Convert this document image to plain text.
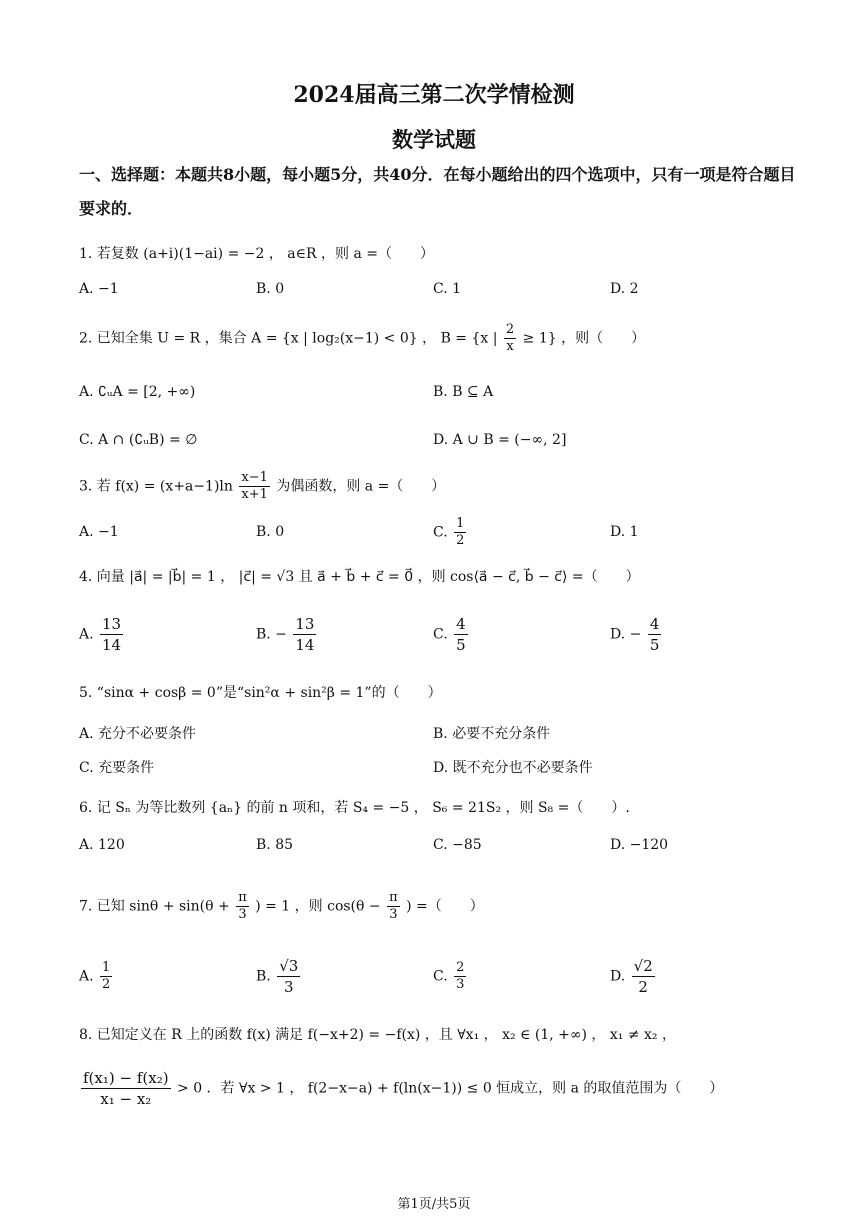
2024届高三第二次学情检测
数学试题
一、选择题：本题共8小题，每小题5分，共40分．在每小题给出的四个选项中，只有一项是符合题目要求的．
1. 若复数 (a+i)(1−ai) = −2 ， a∈R ，则 a =（　　）
A. −1	B. 0	C. 1	D. 2
2. 已知全集 U = R ，集合 A = {x | log₂(x−1) < 0} ， B = {x | $\frac{2}{x} \ge 1$} ，则（　　）
A. ∁ᵤA = [2, +∞)	B. B ⊆ A
C. A ∩ (∁ᵤB) = ∅	D. A ∪ B = (−∞, 2]
3. 若 $f(x) = (x+a-1)\ln \frac{x-1}{x+1}$ 为偶函数，则 a =（　　）
A. −1	B. 0	C. $\frac{1}{2}$	D. 1
4. 向量 |a⃗| = |b⃗| = 1 ， |c⃗| = √3 且 a⃗ + b⃗ + c⃗ = 0⃗ ，则 cos⟨a⃗ − c⃗, b⃗ − c⃗⟩ =（　　）
A. $\frac{13}{14}$	B. − $\frac{13}{14}$	C. $\frac{4}{5}$	D. − $\frac{4}{5}$
5. “sinα + cosβ = 0”是“sin²α + sin²β = 1”的（　　）
A. 充分不必要条件	B. 必要不充分条件
C. 充要条件	D. 既不充分也不必要条件
6. 记 Sₙ 为等比数列 {aₙ} 的前 n 项和，若 S₄ = −5 ， S₆ = 21S₂ ，则 S₈ =（　　）.
A. 120	B. 85	C. −85	D. −120
7. 已知 $\sin\theta + \sin(\theta + \frac{\pi}{3}$ ) = 1 ，则 $\cos(\theta - \frac{\pi}{3}$ ) =（　　）
A. $\frac{1}{2}$	B. $\frac{√3}{3}$	C. $\frac{2}{3}$	D. $\frac{√2}{2}$
8. 已知定义在 R 上的函数 f(x) 满足 f(−x+2) = −f(x) ，且 ∀x₁ ， x₂ ∈ (1, +∞) ， x₁ ≠ x₂ ，
$\frac{\text{f(x₁) − f(x₂)}}{\text{x₁ − x₂}} > 0$ ．若 ∀x > 1 ， f(2−x−a) + f(ln(x−1)) ≤ 0 恒成立，则 a 的取值范围为（　　）
第1页/共5页
